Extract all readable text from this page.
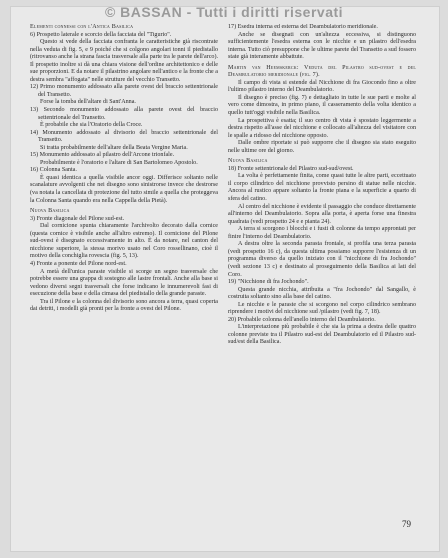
© BASSAN - Tutti i diritti riservati

Elementi connessi con l'Antica Basilica

6) Prospetto laterale e scorcio della facciata del "Tigurio".

Questo si vede della facciata confranta le caratteristiche già riscontrate nella veduta di fig. 5, e 9 poiché che si colgono angolari tonni il piedistallo (ritrovanso anche la strana fascia trasversale alla parte tra le parete dell'arco). Il prospetto inoltre si dà una chiara visione dell'ordine architettonico e delle sue proporzioni. E da notare il pilastrino angolare nell'antico e la fronte che a destra sembra "affogata" nelle strutture del vecchio Transetto.

12) Primo monumento addossato alla parete ovest del braccio settentrionale del Transetto.

Forse la tomba dell'altare di Sant'Anna.

13) Secondo monumento addossato alla parete ovest del braccio settentrionale del Transetto.

È probabile che sia l'Oratorio della Croce.

14) Monumento addossato al divisorio del braccio settentrionale del Transetto.

Si tratta probabilmente dell'altare della Beata Vergine Maria.

15) Monumento addossato al pilastro dell'Arcone trionfale.

Probabilmente è l'oratorio e l'altare di San Bartolomeo Apostolo.

16) Colonna Santa.

È quasi identica a quella visibile ancor oggi. Differisce soltanto nelle scanalature avvolgenti che nei disegno sono sinistrorse invece che destrorse (va notata la cancellata di protezione del tutto simile a quella che proteggeva la Colonna Santa quando era nella Cappella della Pietà).

Nuova Basilica

3) Fronte diagonale del Pilone sud-est.

Dal cornicione spunta chiaramente l'archivolto decorato dalla cornice (questa cornice è visibile anche all'altro estremo). Il cornicione del Pilone sud-ovest è disegnato eccessivamente in alto. È da notare, nel canton del nicchione superiore, la stessa morivo usato nel Coro rossellinano, cioè il motivo della conchiglia rovescia (fig. 5, 13).

4) Fronte a ponente del Pilone nord-est.

A metà dell'unica paraste visibile si scorge un segno trasversale che potrebbe essere una grappa di sostegno alle lastre frontali. Anche alla base si vedono diversi segni trasversali che forse indicano le innumerevoli fasi di esecuzione della base e della cimasa del piedistallo della grande paraste.

Tra il Pilone e la colonna del divisorio sono ancora a terra, quasi coperta dai detriti, i modelli già pronti per la fronte a ovest del Pilone.

17) Esedra interna ed esterna del Deambulatorio meridionale.

Anche se disegnati con un'altezza eccessiva, si distinguono sufficientemente l'esedra esterna con le nicchie e un pilastro dell'esedra interna. Tutto ciò presuppone che le ultime parete del Transetto a sud fossero state già interamente abbattute.

Martin van Heemskerck: Veduta del Pilastro sud-ovest e del Deambulatorio meridionale (fig. 7).

Il campo di vista si estende dal Nicchione di fra Giocondo fino a oltre l'ultimo pilastro interno del Deambulatorio.

Il disegno è preciso (fig. 7) e dettagliato in tutte le sue parti e molte al vero come dimostra, in primo piano, il casseramento della volta identico a quello tutt'oggi visibile nella Basilica.

La prospettiva è esatta; il suo centro di vista è spostato leggermente a destra rispetto all'asse del nicchione e collocato all'altezza del visitatore con le spalle a ridosso del nicchione opposto.

Dalle ombre riportate si può supporre che il disegno sia stato eseguito nelle ultime ore del giorno.

Nuova Basilica

18) Fronte settentrionale del Pilastro sud-sud/ovest.

La volta è perfettamente finita, come quasi tutte le altre parti, eccettuato il corpo cilindrico del nicchione provvisto persino di statue nelle nicchie. Ancora al rustico appare soltanto la fronte piana e la superficie a quarto di sfera del catino.

Al centro del nicchione è evidente il passaggio che conduce direttamente all'interno del Deambulatorio. Sopra alla porta, è aperta forse una finestra quadrata (vedi prospetto 24 e e pianta 24).

A terra si scorgono i blocchi e i fusti di colonne da tempo approntati per finire l'interno del Deambulatorio.

A destra oltre la seconda parasta frontale, si profila una terza parasta (vedi prospetto 16 c), da questa ultima possiamo supporre l'esistenza di un programma diverso da quello iniziato con il "nicchione di fra Jochondo" (vedi sezione 13 c) e destinato al proseguimento della Basilica ai lati del Coro.

19) "Nicchione di fra Jochondo".

Questa grande nicchia, attribuita a "fra Jochondo" dal Sangallo, è costruita soltanto sino alla base del catino.

Le nicchie e le paraste che si scorgono nel corpo cilindrico sembrano riprendere i motivi del nicchione sud /pilastro (vedi fig. 7, 18).

20) Probabile colonna dell'anello interno del Deambulatorio.

L'interpretazione più probabile è che sia la prima a destra delle quattro colonne previste tra il Pilastro sud-est del Deambulatorio ed il Pilastro sud-sud/est della Basilica.

79
